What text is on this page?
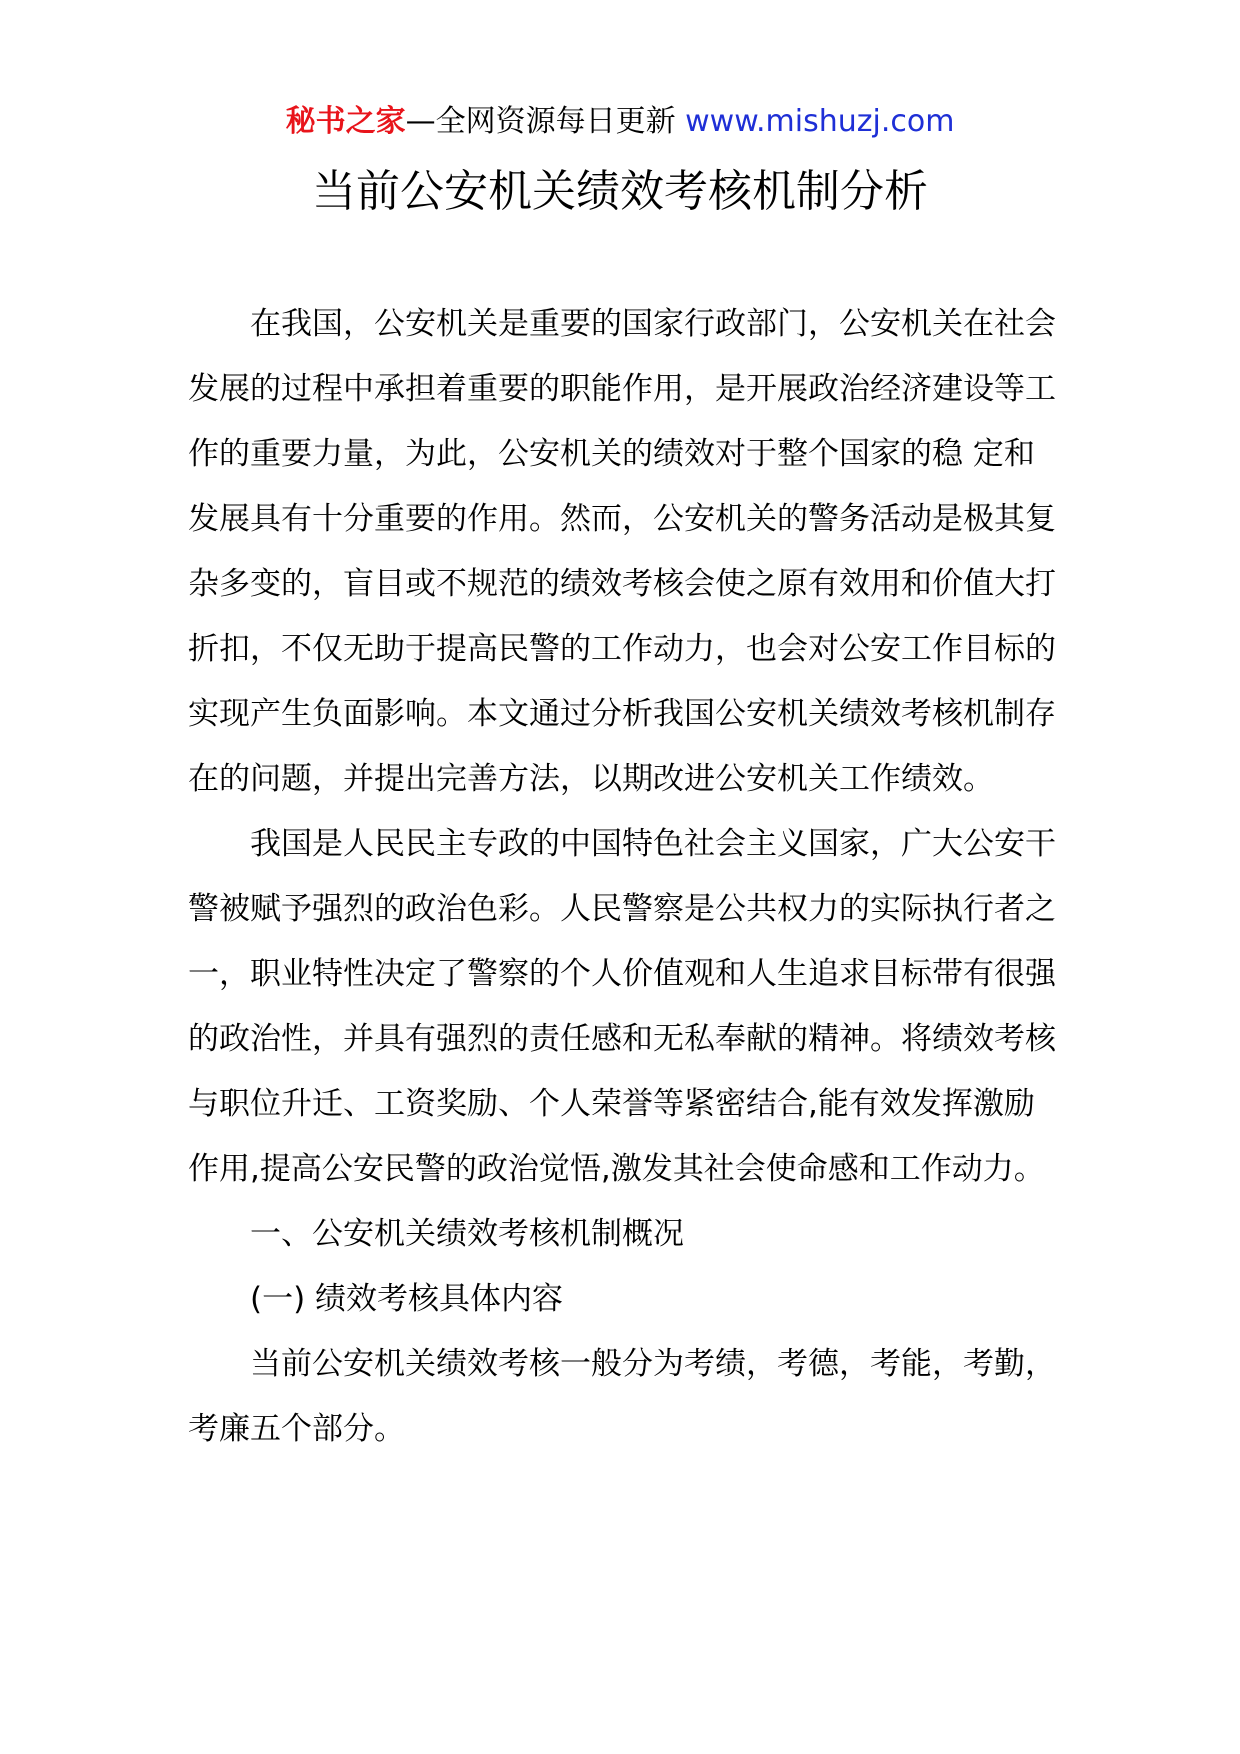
秘书之家—全网资源每日更新 www.mishuzj.com
当前公安机关绩效考核机制分析

在我国，公安机关是重要的国家行政部门，公安机关在社会发展的过程中承担着重要的职能作用，是开展政治经济建设等工作的重要力量，为此，公安机关的绩效对于整个国家的稳 定和发展具有十分重要的作用。然而，公安机关的警务活动是极其复杂多变的，盲目或不规范的绩效考核会使之原有效用和价值大打折扣，不仅无助于提高民警的工作动力，也会对公安工作目标的实现产生负面影响。本文通过分析我国公安机关绩效考核机制存在的问题，并提出完善方法，以期改进公安机关工作绩效。

我国是人民民主专政的中国特色社会主义国家，广大公安干警被赋予强烈的政治色彩。人民警察是公共权力的实际执行者之一，职业特性决定了警察的个人价值观和人生追求目标带有很强的政治性，并具有强烈的责任感和无私奉献的精神。将绩效考核与职位升迁、工资奖励、个人荣誉等紧密结合,能有效发挥激励作用,提高公安民警的政治觉悟,激发其社会使命感和工作动力。

一、公安机关绩效考核机制概况

(一) 绩效考核具体内容

当前公安机关绩效考核一般分为考绩，考德，考能，考勤，考廉五个部分。
